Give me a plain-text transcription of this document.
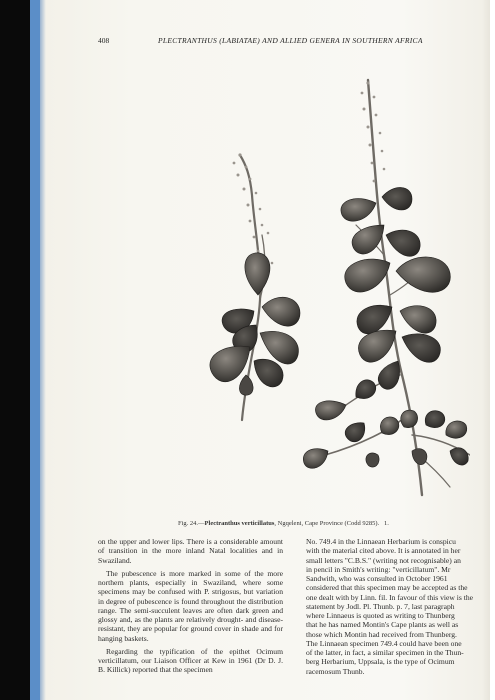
408	PLECTRANTHUS (LABIATAE) AND ALLIED GENERA IN SOUTHERN AFRICA
Fig. 24.—Plectranthus verticillatus, Ngqeleni, Cape Province (Codd 9285). 1.

on the upper and lower lips. There is a considerable amount of transition in the more inland Natal localities and in Swaziland.

The pubescence is more marked in some of the more northern plants, especially in Swaziland, where some specimens may be confused with P. strigosus, but variation in degree of pubescence is found throughout the distribution range. The semi-succulent leaves are often dark green and glossy and, as the plants are relatively drought- and disease-resistant, they are popular for ground cover in shade and for hanging baskets.

Regarding the typification of the epithet Ocimum verticillatum, our Liaison Officer at Kew in 1961 (Dr D. J. B. Killick) reported that the specimen

No. 749.4 in the Linnaean Herbarium is conspicu
with the material cited above. It is annotated in her
small letters "C.B.S." (writing not recognisable) an
in pencil in Smith's writing: "verticillatum". Mr
Sandwith, who was consulted in October 1961
considered that this specimen may be accepted as the
one dealt with by Linn. fil. In favour of this view is the
statement by Jodl. Pl. Thunb. p. 7, last paragraph
where Linnaeus is quoted as writing to Thunberg
that he has named Montin's Cape plants as well as
those which Montin had received from Thunberg.
The Linnaean specimen 749.4 could have been one
of the latter, in fact, a similar specimen in the Thun-
berg Herbarium, Uppsala, is the type of Ocimum
racemosum Thunb.
